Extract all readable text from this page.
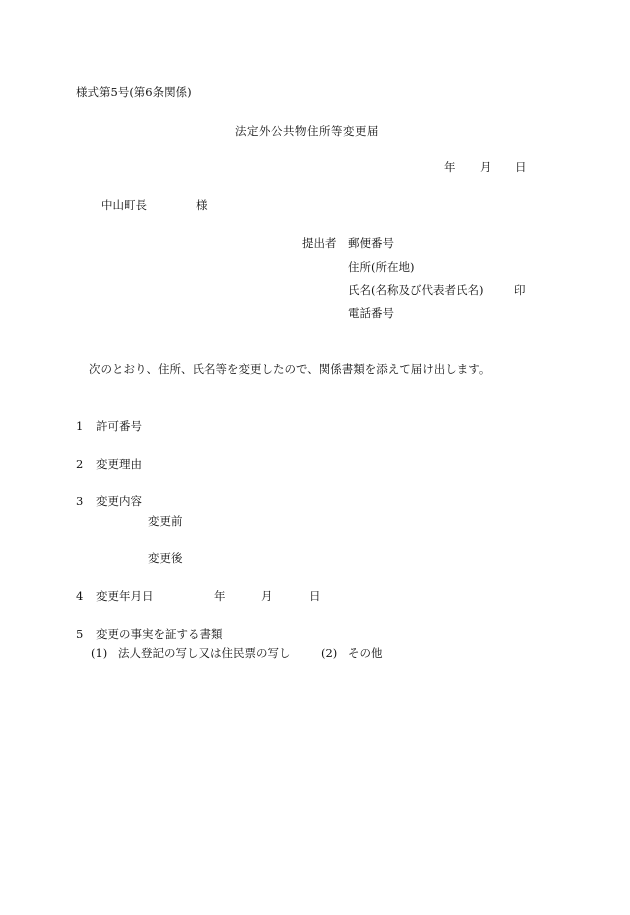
様式第5号(第6条関係)
法定外公共物住所等変更届
年 月 日
中山町長	様
提出者 郵便番号
住所(所在地)
氏名(名称及び代表者氏名)	印
電話番号
次のとおり、住所、氏名等を変更したので、関係書類を添えて届け出します。
1 許可番号
2 変更理由
3 変更内容
変更前
変更後
4 変更年月日	年	月	日
5 変更の事実を証する書類
(1) 法人登記の写し又は住民票の写し	(2) その他
